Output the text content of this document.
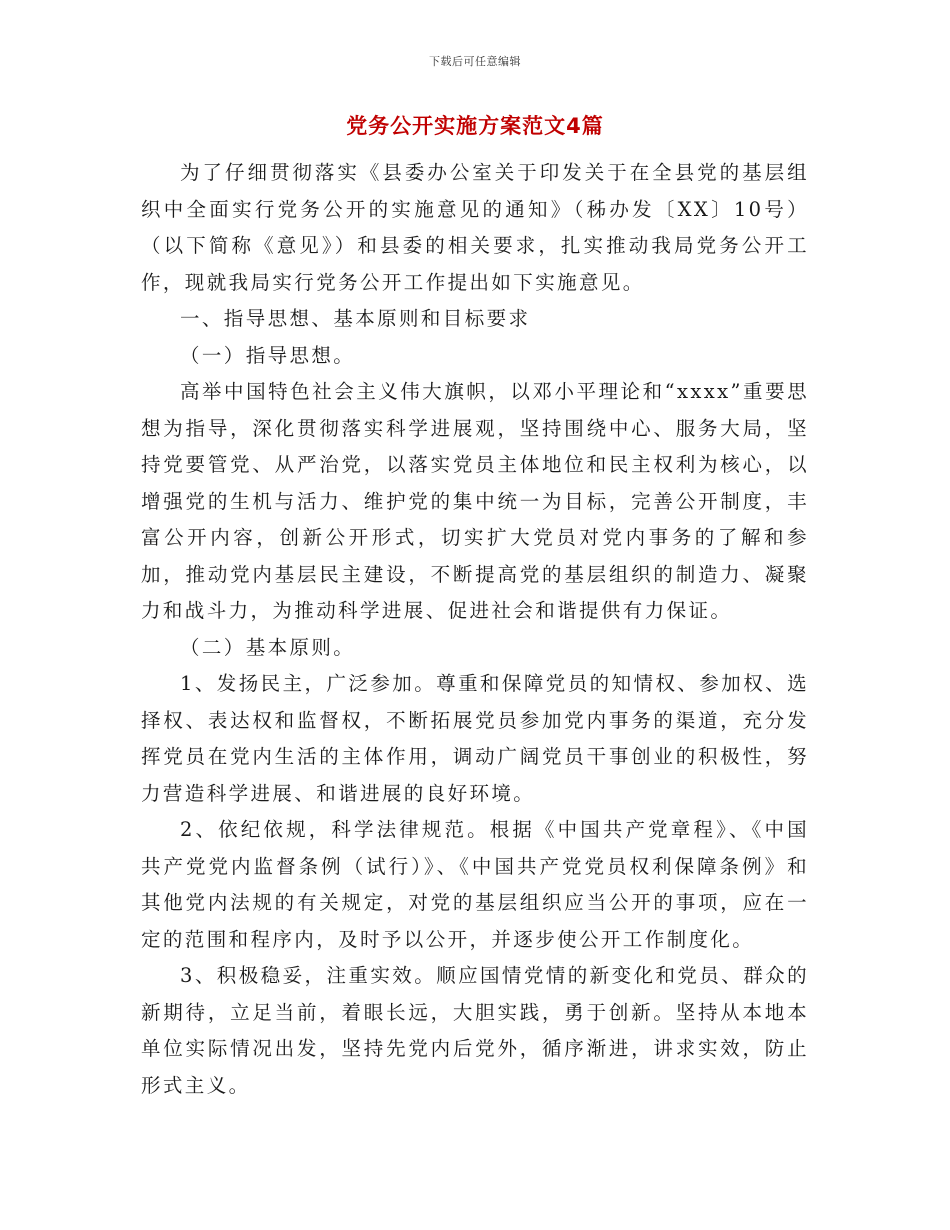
下载后可任意编辑
党务公开实施方案范文4篇

为了仔细贯彻落实《县委办公室关于印发关于在全县党的基层组织中全面实行党务公开的实施意见的通知》（秭办发〔XX〕10号）（以下简称《意见》）和县委的相关要求，扎实推动我局党务公开工作，现就我局实行党务公开工作提出如下实施意见。

一、指导思想、基本原则和目标要求

（一）指导思想。

高举中国特色社会主义伟大旗帜，以邓小平理论和“xxxx”重要思想为指导，深化贯彻落实科学进展观，坚持围绕中心、服务大局，坚持党要管党、从严治党，以落实党员主体地位和民主权利为核心，以增强党的生机与活力、维护党的集中统一为目标，完善公开制度，丰富公开内容，创新公开形式，切实扩大党员对党内事务的了解和参加，推动党内基层民主建设，不断提高党的基层组织的制造力、凝聚力和战斗力，为推动科学进展、促进社会和谐提供有力保证。

（二）基本原则。

1、发扬民主，广泛参加。尊重和保障党员的知情权、参加权、选择权、表达权和监督权，不断拓展党员参加党内事务的渠道，充分发挥党员在党内生活的主体作用，调动广阔党员干事创业的积极性，努力营造科学进展、和谐进展的良好环境。

2、依纪依规，科学法律规范。根据《中国共产党章程》、《中国共产党党内监督条例（试行）》、《中国共产党党员权利保障条例》和其他党内法规的有关规定，对党的基层组织应当公开的事项，应在一定的范围和程序内，及时予以公开，并逐步使公开工作制度化。

3、积极稳妥，注重实效。顺应国情党情的新变化和党员、群众的新期待，立足当前，着眼长远，大胆实践，勇于创新。坚持从本地本单位实际情况出发，坚持先党内后党外，循序渐进，讲求实效，防止形式主义。
